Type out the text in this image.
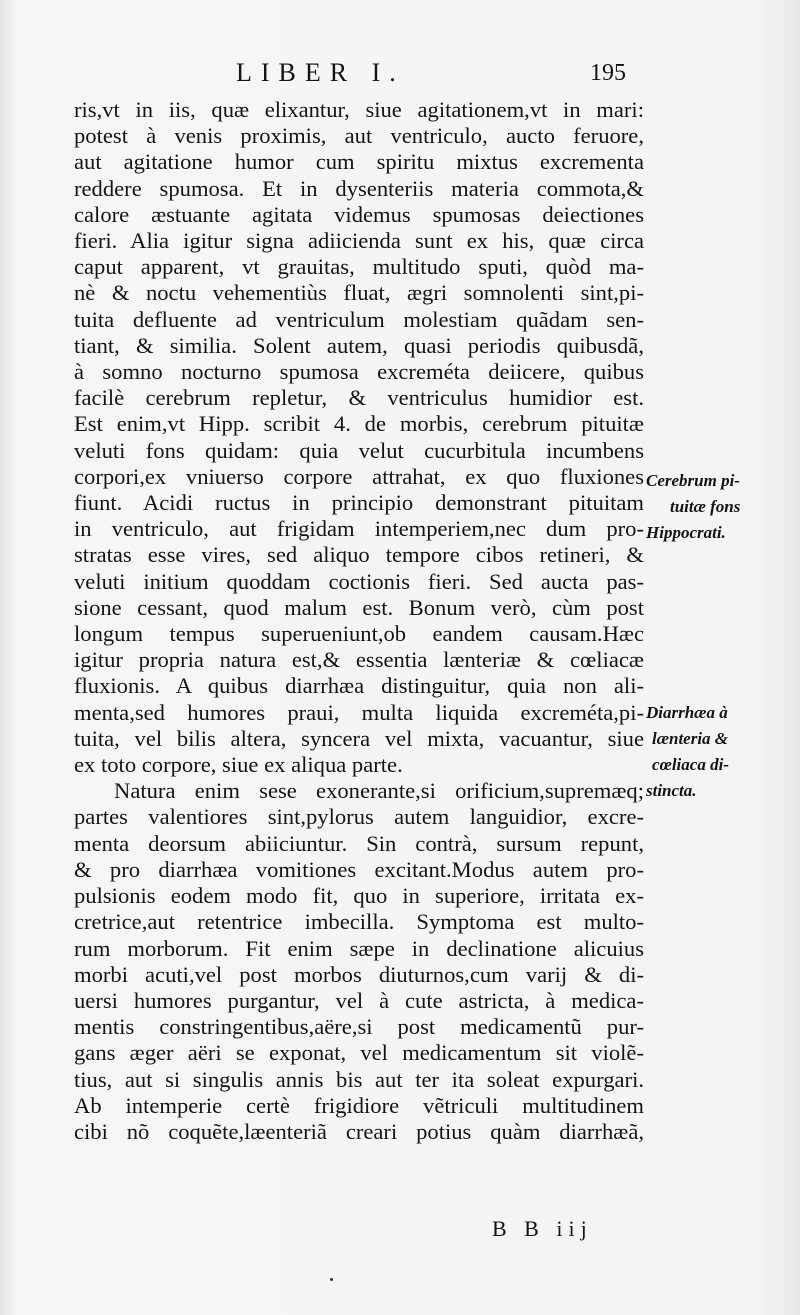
LIBER I.	195
ris,vt in iis, quæ elixantur, siue agitationem,vt in mari:
potest à venis proximis, aut ventriculo, aucto feruore,
aut agitatione humor cum spiritu mixtus excrementa
reddere spumosa. Et in dysenteriis materia commota,&
calore æstuante agitata videmus spumosas deiectiones
fieri. Alia igitur signa adiicienda sunt ex his, quæ circa
caput apparent, vt grauitas, multitudo sputi, quòd ma-
nè & noctu vehementiùs fluat, ægri somnolenti sint,pi-
tuita defluente ad ventriculum molestiam quãdam sen-
tiant, & similia. Solent autem, quasi periodis quibusdã,
à somno nocturno spumosa excreméta deiicere, quibus
facilè cerebrum repletur, & ventriculus humidior est.
Est enim,vt Hipp. scribit 4. de morbis, cerebrum pituitæ
veluti fons quidam: quia velut cucurbitula incumbens
corpori,ex vniuerso corpore attrahat, ex quo fluxiones
fiunt. Acidi ructus in principio demonstrant pituitam
in ventriculo, aut frigidam intemperiem,nec dum pro-
stratas esse vires, sed aliquo tempore cibos retineri, &
veluti initium quoddam coctionis fieri. Sed aucta pas-
sione cessant, quod malum est. Bonum verò, cùm post
longum tempus superueniunt,ob eandem causam.Hæc
igitur propria natura est,& essentia lænteriæ & cœliacæ
fluxionis. A quibus diarrhæa distinguitur, quia non ali-
menta,sed humores praui, multa liquida excreméta,pi-
tuita, vel bilis altera, syncera vel mixta, vacuantur, siue
ex toto corpore, siue ex aliqua parte.
Natura enim sese exonerante,si orificium,supremæq;
partes valentiores sint,pylorus autem languidior, excre-
menta deorsum abiiciuntur. Sin contrà, sursum repunt,
& pro diarrhæa vomitiones excitant.Modus autem pro-
pulsionis eodem modo fit, quo in superiore, irritata ex-
cretrice,aut retentrice imbecilla. Symptoma est multo-
rum morborum. Fit enim sæpe in declinatione alicuius
morbi acuti,vel post morbos diuturnos,cum varij & di-
uersi humores purgantur, vel à cute astricta, à medica-
mentis constringentibus,aëre,si post medicamentũ pur-
gans æger aëri se exponat, vel medicamentum sit violẽ-
tius, aut si singulis annis bis aut ter ita soleat expurgari.
Ab intemperie certè frigidiore vẽtriculi multitudinem
cibi nõ coquẽte,læenteriã creari potius quàm diarrhæã,
Cerebrum pi-
tuitæ fons
Hippocrati.
Diarrhæa à
lænteria &
cœliaca di-
stincta.
B B iij
